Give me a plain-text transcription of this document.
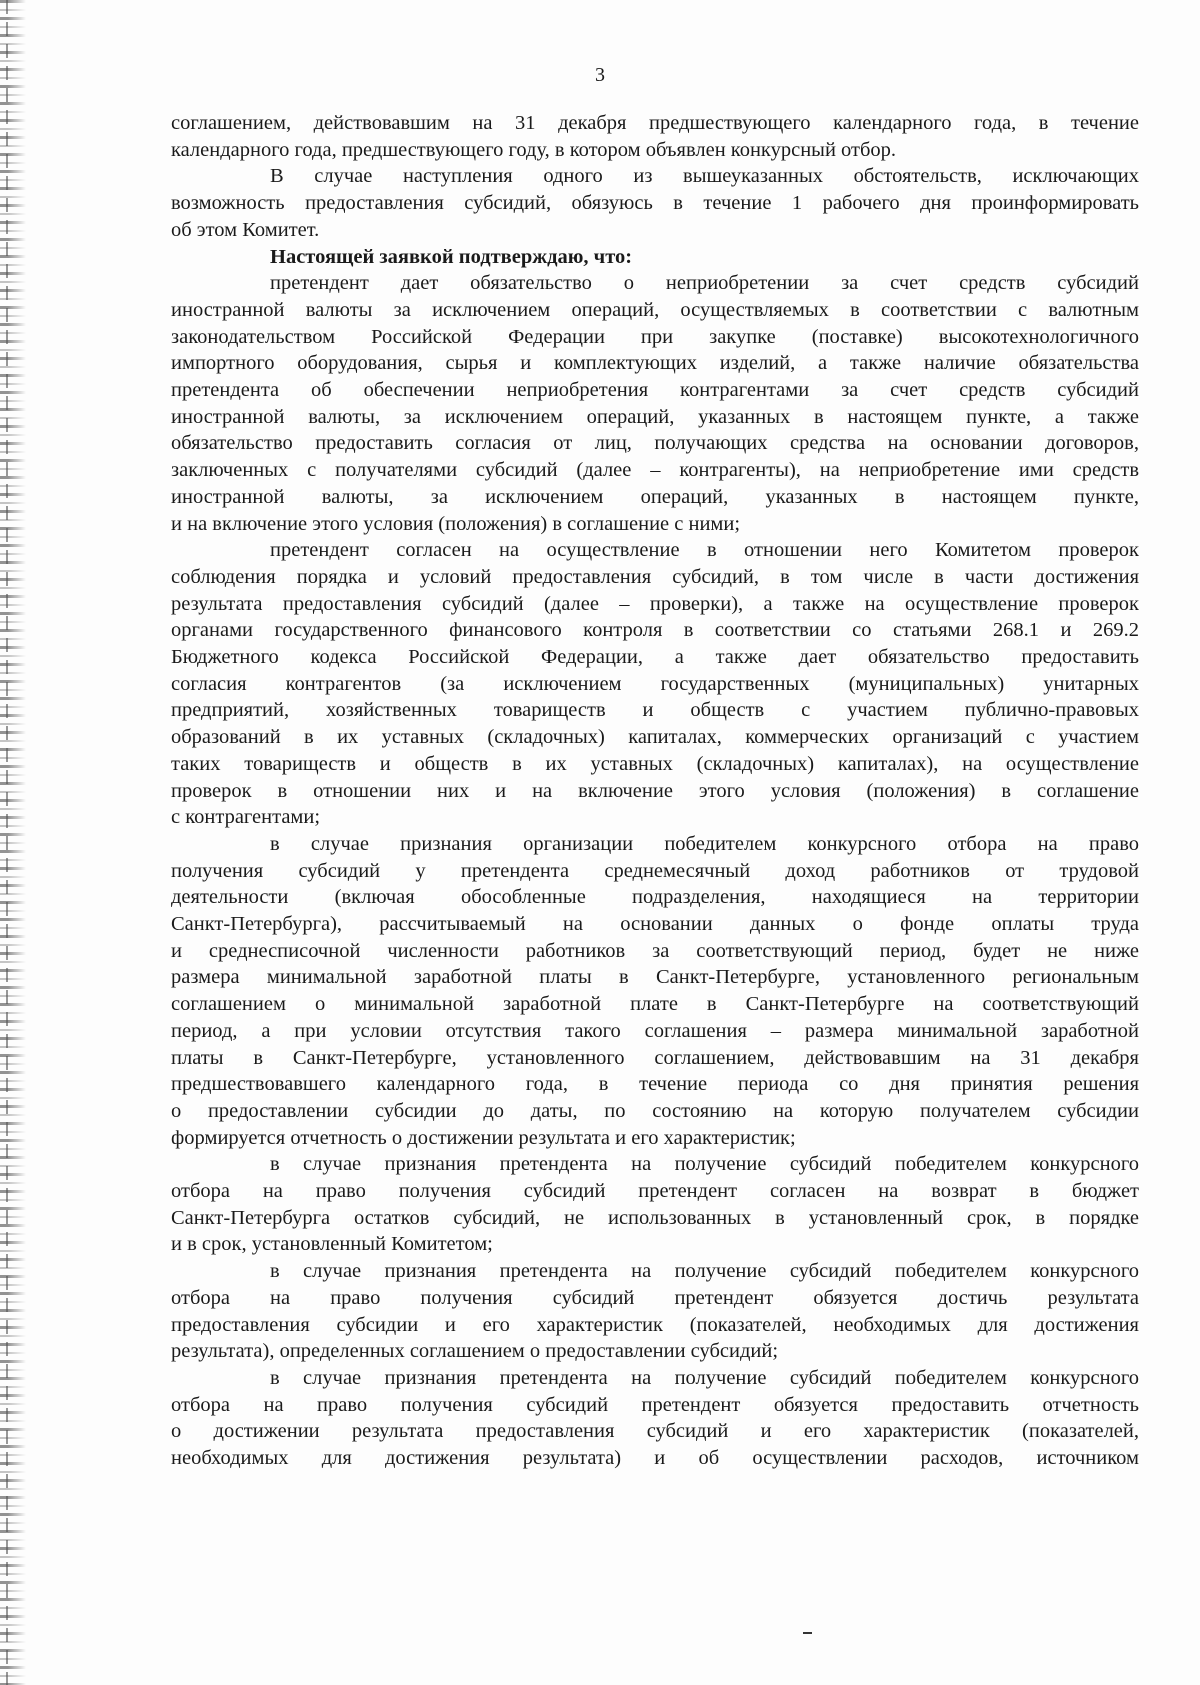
3
соглашением, действовавшим на 31 декабря предшествующего календарного года, в течение
календарного года, предшествующего году, в котором объявлен конкурсный отбор.
В случае наступления одного из вышеуказанных обстоятельств, исключающих
возможность предоставления субсидий, обязуюсь в течение 1 рабочего дня проинформировать
об этом Комитет.
Настоящей заявкой подтверждаю, что:
претендент дает обязательство о неприобретении за счет средств субсидий
иностранной валюты за исключением операций, осуществляемых в соответствии с валютным
законодательством Российской Федерации при закупке (поставке) высокотехнологичного
импортного оборудования, сырья и комплектующих изделий, а также наличие обязательства
претендента об обеспечении неприобретения контрагентами за счет средств субсидий
иностранной валюты, за исключением операций, указанных в настоящем пункте, а также
обязательство предоставить согласия от лиц, получающих средства на основании договоров,
заключенных с получателями субсидий (далее – контрагенты), на неприобретение ими средств
иностранной валюты, за исключением операций, указанных в настоящем пункте,
и на включение этого условия (положения) в соглашение с ними;
претендент согласен на осуществление в отношении него Комитетом проверок
соблюдения порядка и условий предоставления субсидий, в том числе в части достижения
результата предоставления субсидий (далее – проверки), а также на осуществление проверок
органами государственного финансового контроля в соответствии со статьями 268.1 и 269.2
Бюджетного кодекса Российской Федерации, а также дает обязательство предоставить
согласия контрагентов (за исключением государственных (муниципальных) унитарных
предприятий, хозяйственных товариществ и обществ с участием публично-правовых
образований в их уставных (складочных) капиталах, коммерческих организаций с участием
таких товариществ и обществ в их уставных (складочных) капиталах), на осуществление
проверок в отношении них и на включение этого условия (положения) в соглашение
с контрагентами;
в случае признания организации победителем конкурсного отбора на право
получения субсидий у претендента среднемесячный доход работников от трудовой
деятельности (включая обособленные подразделения, находящиеся на территории
Санкт-Петербурга), рассчитываемый на основании данных о фонде оплаты труда
и среднесписочной численности работников за соответствующий период, будет не ниже
размера минимальной заработной платы в Санкт-Петербурге, установленного региональным
соглашением о минимальной заработной плате в Санкт-Петербурге на соответствующий
период, а при условии отсутствия такого соглашения – размера минимальной заработной
платы в Санкт-Петербурге, установленного соглашением, действовавшим на 31 декабря
предшествовавшего календарного года, в течение периода со дня принятия решения
о предоставлении субсидии до даты, по состоянию на которую получателем субсидии
формируется отчетность о достижении результата и его характеристик;
в случае признания претендента на получение субсидий победителем конкурсного
отбора на право получения субсидий претендент согласен на возврат в бюджет
Санкт-Петербурга остатков субсидий, не использованных в установленный срок, в порядке
и в срок, установленный Комитетом;
в случае признания претендента на получение субсидий победителем конкурсного
отбора на право получения субсидий претендент обязуется достичь результата
предоставления субсидии и его характеристик (показателей, необходимых для достижения
результата), определенных соглашением о предоставлении субсидий;
в случае признания претендента на получение субсидий победителем конкурсного
отбора на право получения субсидий претендент обязуется предоставить отчетность
о достижении результата предоставления субсидий и его характеристик (показателей,
необходимых для достижения результата) и об осуществлении расходов, источником
